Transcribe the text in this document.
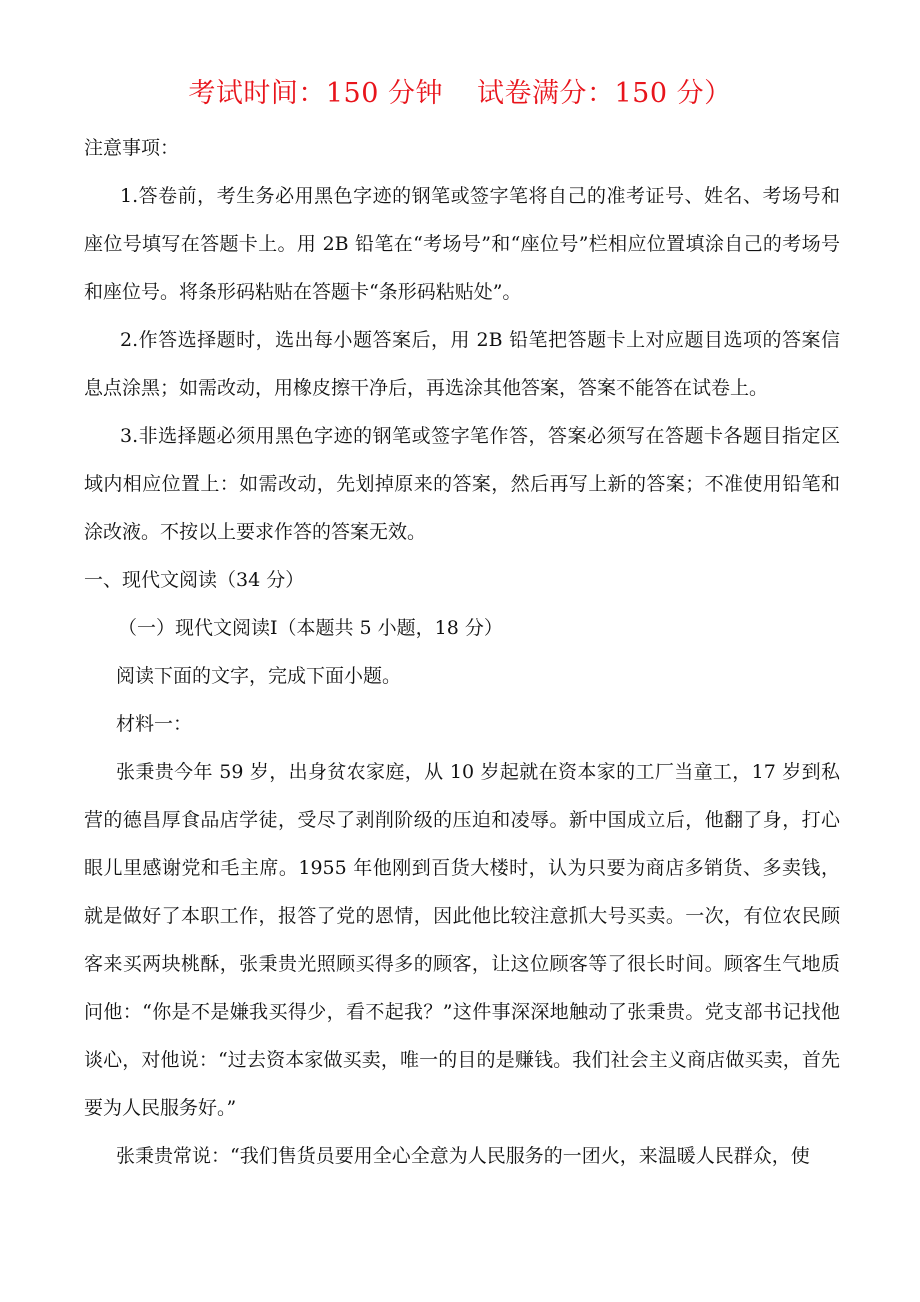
考试时间：150 分钟 试卷满分：150 分）

注意事项：

1.答卷前，考生务必用黑色字迹的钢笔或签字笔将自己的准考证号、姓名、考场号和座位号填写在答题卡上。用 2B 铅笔在“考场号”和“座位号”栏相应位置填涂自己的考场号和座位号。将条形码粘贴在答题卡“条形码粘贴处”。

2.作答选择题时，选出每小题答案后，用 2B 铅笔把答题卡上对应题目选项的答案信息点涂黑；如需改动，用橡皮擦干净后，再选涂其他答案，答案不能答在试卷上。

3.非选择题必须用黑色字迹的钢笔或签字笔作答，答案必须写在答题卡各题目指定区域内相应位置上：如需改动，先划掉原来的答案，然后再写上新的答案；不准使用铅笔和涂改液。不按以上要求作答的答案无效。

一、现代文阅读（34 分）

（一）现代文阅读Ⅰ（本题共 5 小题，18 分）

阅读下面的文字，完成下面小题。

材料一：

张秉贵今年 59 岁，出身贫农家庭，从 10 岁起就在资本家的工厂当童工，17 岁到私营的德昌厚食品店学徒，受尽了剥削阶级的压迫和凌辱。新中国成立后，他翻了身，打心眼儿里感谢党和毛主席。1955 年他刚到百货大楼时，认为只要为商店多销货、多卖钱，就是做好了本职工作，报答了党的恩情，因此他比较注意抓大号买卖。一次，有位农民顾客来买两块桃酥，张秉贵光照顾买得多的顾客，让这位顾客等了很长时间。顾客生气地质问他：“你是不是嫌我买得少，看不起我？”这件事深深地触动了张秉贵。党支部书记找他谈心，对他说：“过去资本家做买卖，唯一的目的是赚钱。我们社会主义商店做买卖，首先要为人民服务好。”

张秉贵常说：“我们售货员要用全心全意为人民服务的一团火，来温暖人民群众，使
